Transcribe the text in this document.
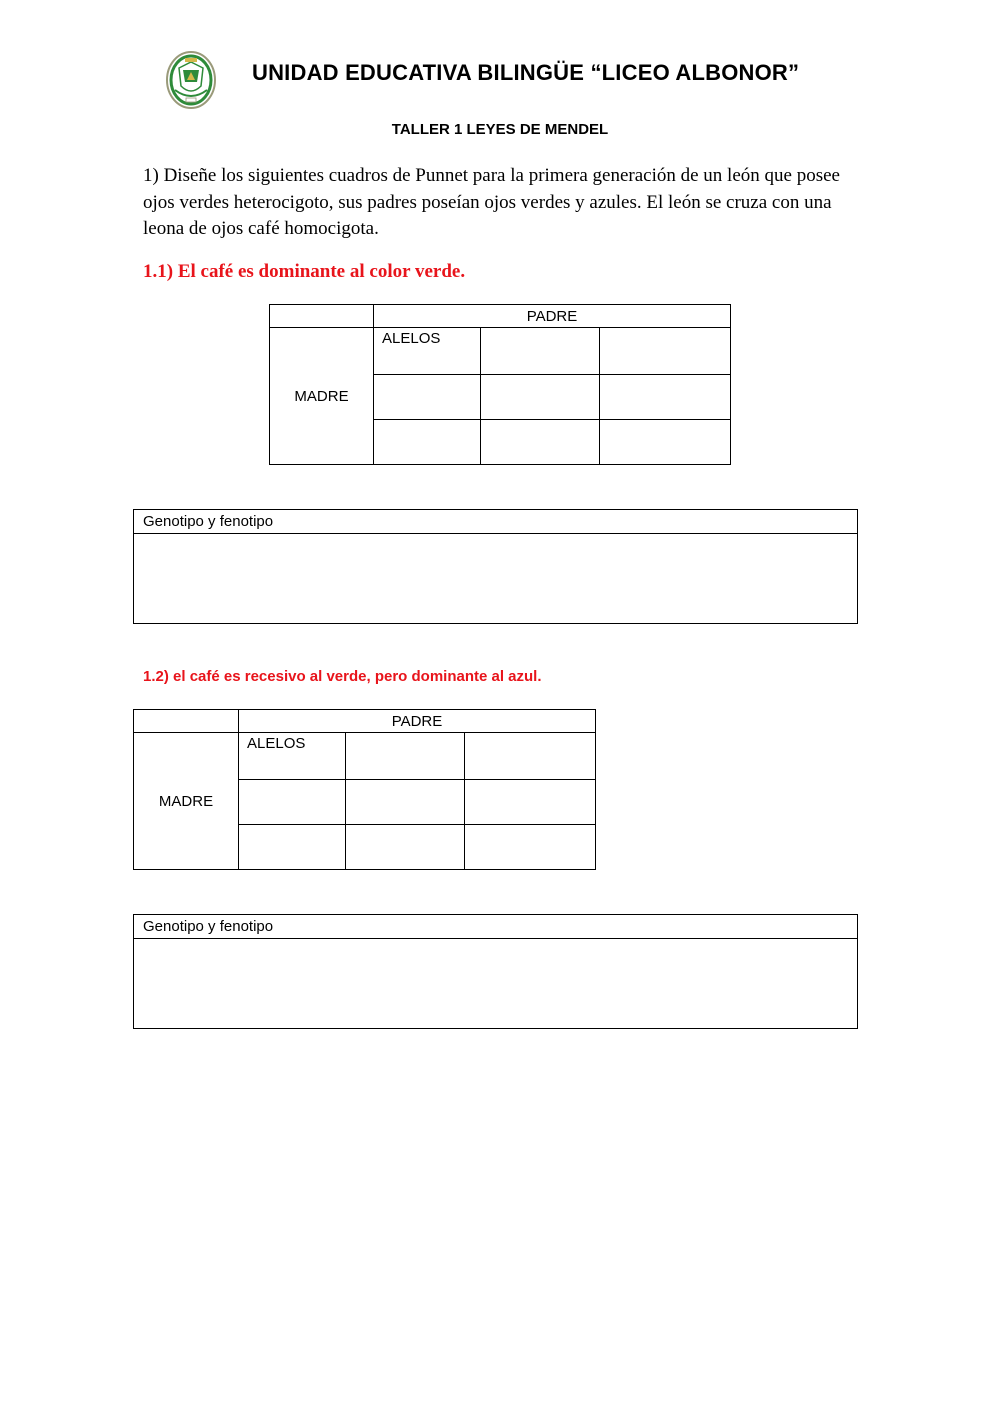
UNIDAD EDUCATIVA BILINGÜE “LICEO ALBONOR”
TALLER 1 LEYES DE MENDEL
1) Diseñe los siguientes cuadros de Punnet para la primera generación de un león que posee ojos verdes heterocigoto, sus padres poseían ojos verdes y azules. El león se cruza con una leona de ojos café homocigota.
1.1) El café es dominante al color verde.
	PADRE		
MADRE	ALELOS		

Genotipo y fenotipo
1.2) el café es recesivo al verde, pero dominante al azul.
	PADRE		
MADRE	ALELOS		

Genotipo y fenotipo
